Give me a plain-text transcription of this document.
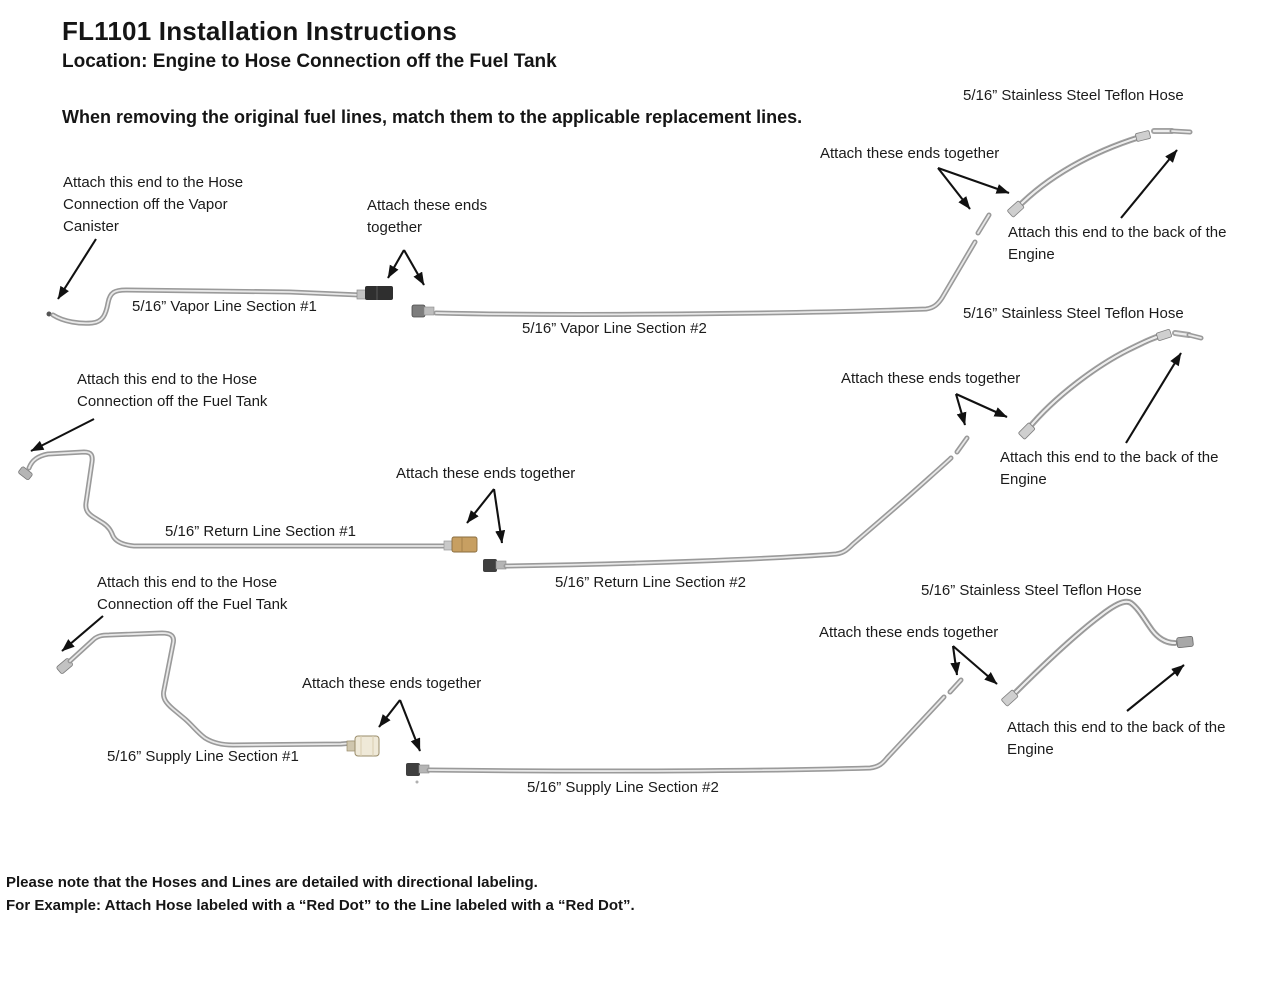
FL1101 Installation Instructions
Location: Engine to Hose Connection off the Fuel Tank
When removing the original fuel lines, match them to the applicable replacement lines.
5/16” Stainless Steel Teflon Hose
Attach these ends together
Attach this end to the back of the Engine
Attach this end to the Hose Connection off the Vapor Canister
Attach these ends together
5/16” Vapor Line Section #1
5/16” Vapor Line Section #2
Attach this end to the Hose Connection off the Fuel Tank
5/16” Stainless Steel Teflon Hose
Attach these ends together
Attach this end to the back of the Engine
Attach these ends together
5/16” Return Line Section #1
5/16” Return Line Section #2
Attach this end to the Hose Connection off the Fuel Tank
5/16” Stainless Steel Teflon Hose
Attach these ends together
Attach this end to the back of the Engine
Attach these ends together
5/16” Supply Line Section #1
5/16” Supply Line Section #2
Please note that the Hoses and Lines are detailed with directional labeling.
For Example: Attach Hose labeled with a “Red Dot” to the Line labeled with a “Red Dot”.
